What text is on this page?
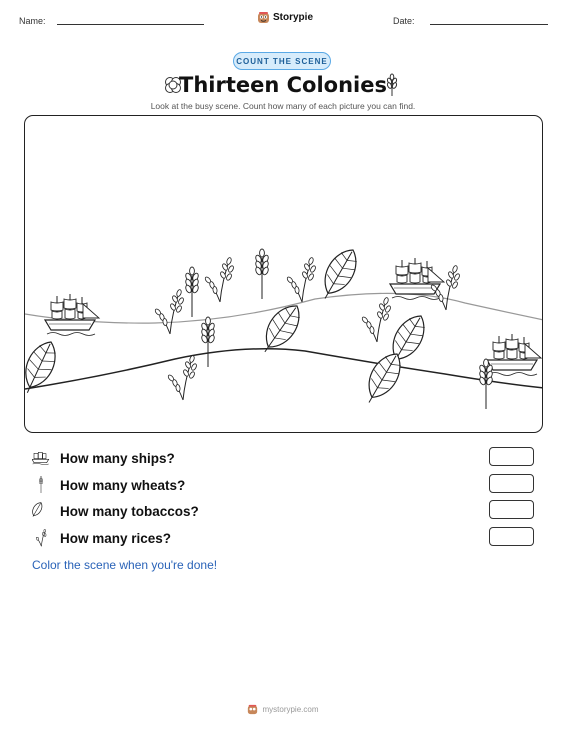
Name:	Storypie	Date:
COUNT THE SCENE
Thirteen Colonies
Look at the busy scene. Count how many of each picture you can find.
How many ships?
How many wheats?
How many tobaccos?
How many rices?
Color the scene when you're done!
mystorypie.com
